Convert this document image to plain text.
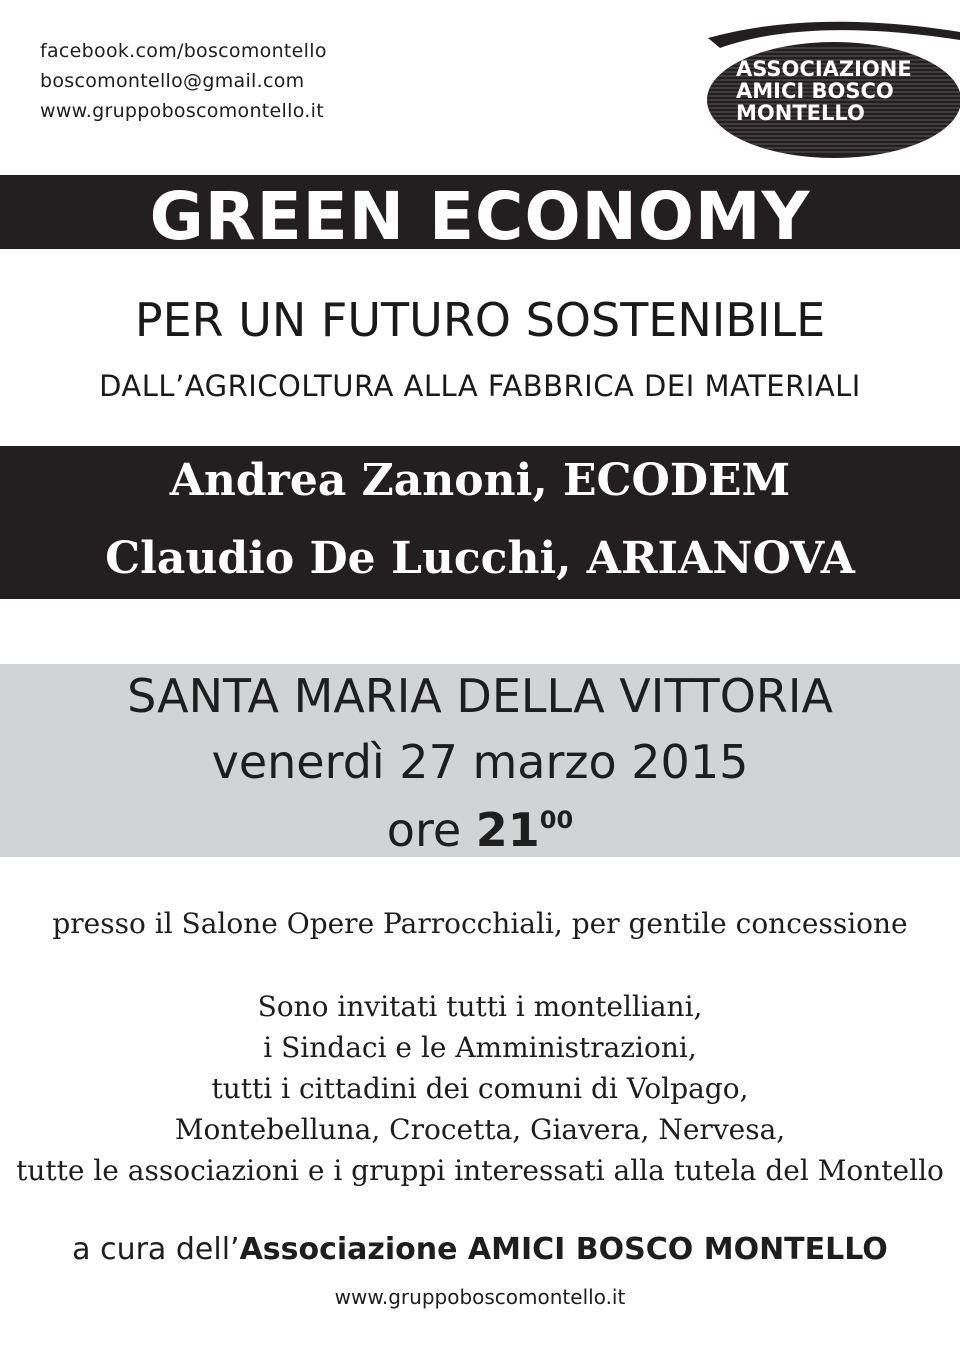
facebook.com/boscomontello
boscomontello@gmail.com
www.gruppoboscomontello.it
ASSOCIAZIONE
AMICI BOSCO
MONTELLO
GREEN ECONOMY
PER UN FUTURO SOSTENIBILE
DALL’AGRICOLTURA ALLA FABBRICA DEI MATERIALI
Andrea Zanoni, ECODEM
Claudio De Lucchi, ARIANOVA
SANTA MARIA DELLA VITTORIA
venerdì 27 marzo 2015
ore $21^{00}$
presso il Salone Opere Parrocchiali, per gentile concessione
Sono invitati tutti i montelliani,
i Sindaci e le Amministrazioni,
tutti i cittadini dei comuni di Volpago,
Montebelluna, Crocetta, Giavera, Nervesa,
tutte le associazioni e i gruppi interessati alla tutela del Montello
a cura dell’Associazione AMICI BOSCO MONTELLO
www.gruppoboscomontello.it
